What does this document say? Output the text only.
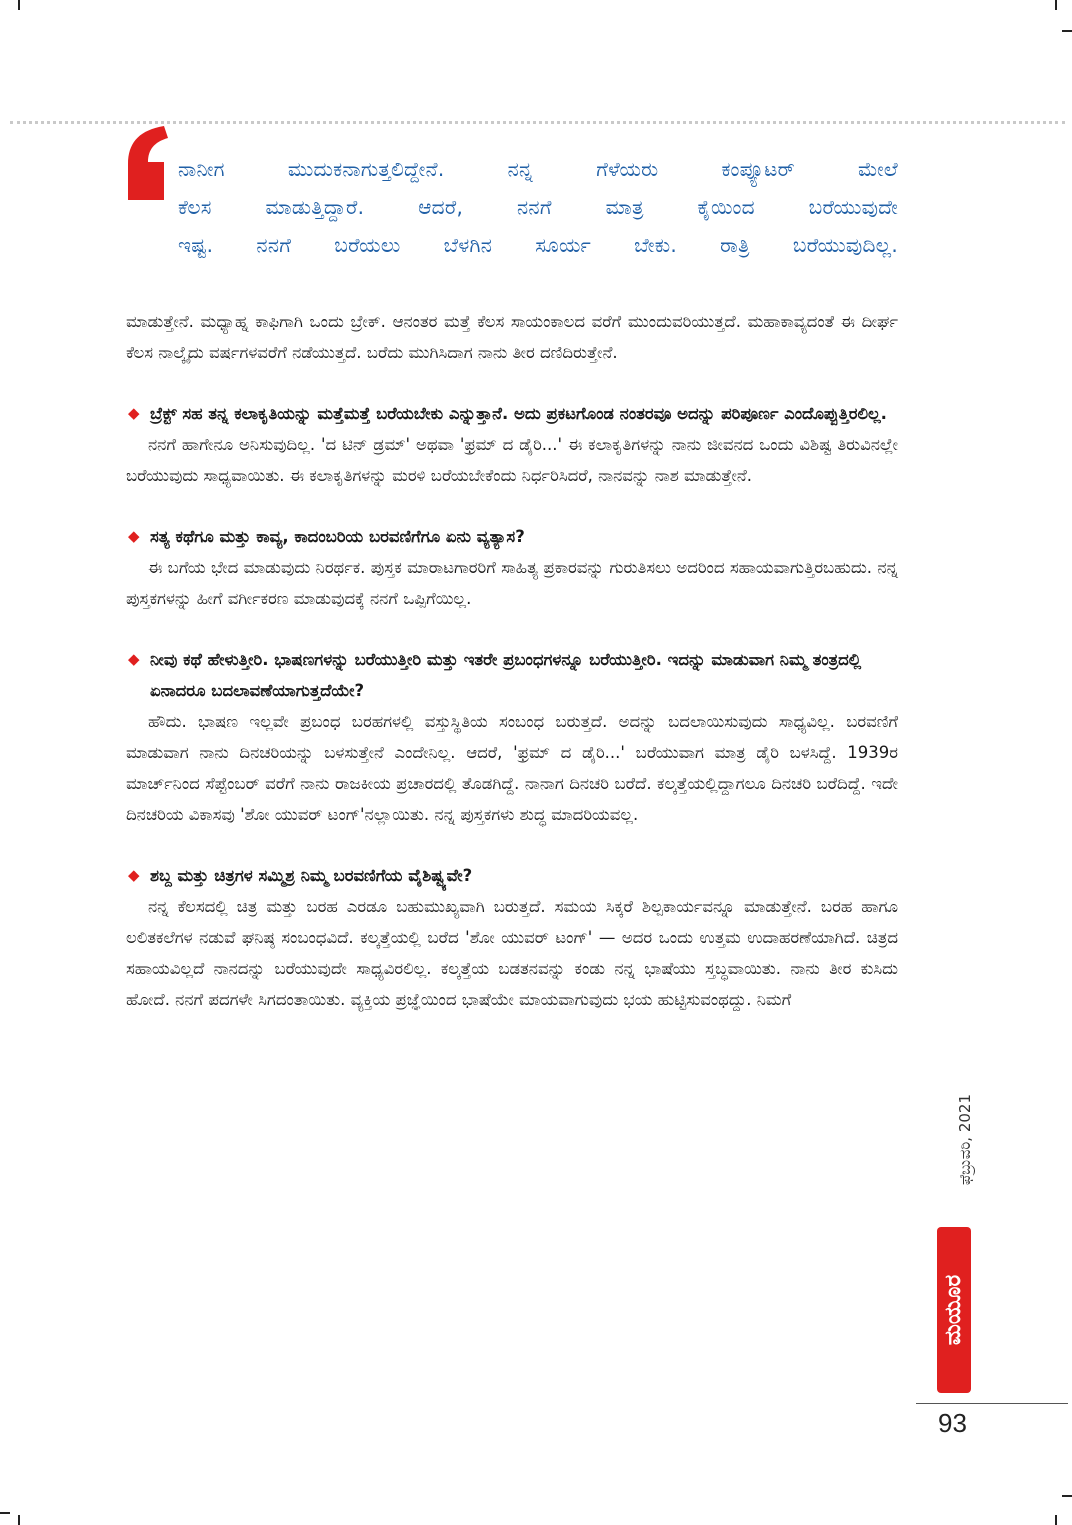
ನಾನೀಗ ಮುದುಕನಾಗುತ್ತಲಿದ್ದೇನೆ. ನನ್ನ ಗೆಳೆಯರು ಕಂಪ್ಯೂಟರ್ ಮೇಲೆ

ಕೆಲಸ ಮಾಡುತ್ತಿದ್ದಾರೆ. ಆದರೆ, ನನಗೆ ಮಾತ್ರ ಕೈಯಿಂದ ಬರೆಯುವುದೇ

ಇಷ್ಟ. ನನಗೆ ಬರೆಯಲು ಬೆಳಗಿನ ಸೂರ್ಯ ಬೇಕು. ರಾತ್ರಿ ಬರೆಯುವುದಿಲ್ಲ.

ಮಾಡುತ್ತೇನೆ. ಮಧ್ಯಾಹ್ನ ಕಾಫಿಗಾಗಿ ಒಂದು ಬ್ರೇಕ್. ಆನಂತರ ಮತ್ತೆ ಕೆಲಸ ಸಾಯಂಕಾಲದ ವರೆಗೆ ಮುಂದುವರಿಯುತ್ತದೆ. ಮಹಾಕಾವ್ಯದಂತೆ ಈ ದೀರ್ಘ ಕೆಲಸ ನಾಲ್ಕೈದು ವರ್ಷಗಳವರೆಗೆ ನಡೆಯುತ್ತದೆ. ಬರೆದು ಮುಗಿಸಿದಾಗ ನಾನು ತೀರ ದಣಿದಿರುತ್ತೇನೆ.

◆ ಬ್ರೆಕ್ಟ್ ಸಹ ತನ್ನ ಕಲಾಕೃತಿಯನ್ನು ಮತ್ತೆಮತ್ತೆ ಬರೆಯಬೇಕು ಎನ್ನುತ್ತಾನೆ. ಅದು ಪ್ರಕಟಗೊಂಡ ನಂತರವೂ ಅದನ್ನು ಪರಿಪೂರ್ಣ ಎಂದೊಪ್ಪುತ್ತಿರಲಿಲ್ಲ.

ನನಗೆ ಹಾಗೇನೂ ಅನಿಸುವುದಿಲ್ಲ. 'ದ ಟಿನ್ ಡ್ರಮ್' ಅಥವಾ 'ಫ್ರಮ್ ದ ಡೈರಿ...' ಈ ಕಲಾಕೃತಿಗಳನ್ನು ನಾನು ಜೀವನದ ಒಂದು ವಿಶಿಷ್ಟ ತಿರುವಿನಲ್ಲೇ ಬರೆಯುವುದು ಸಾಧ್ಯವಾಯಿತು. ಈ ಕಲಾಕೃತಿಗಳನ್ನು ಮರಳಿ ಬರೆಯಬೇಕೆಂದು ನಿರ್ಧರಿಸಿದರೆ, ನಾನವನ್ನು ನಾಶ ಮಾಡುತ್ತೇನೆ.

◆ ಸತ್ಯ ಕಥೆಗೂ ಮತ್ತು ಕಾವ್ಯ, ಕಾದಂಬರಿಯ ಬರವಣಿಗೆಗೂ ಏನು ವ್ಯತ್ಯಾಸ?

ಈ ಬಗೆಯ ಭೇದ ಮಾಡುವುದು ನಿರರ್ಥಕ. ಪುಸ್ತಕ ಮಾರಾಟಗಾರರಿಗೆ ಸಾಹಿತ್ಯ ಪ್ರಕಾರವನ್ನು ಗುರುತಿಸಲು ಅದರಿಂದ ಸಹಾಯವಾಗುತ್ತಿರಬಹುದು. ನನ್ನ ಪುಸ್ತಕಗಳನ್ನು ಹೀಗೆ ವರ್ಗೀಕರಣ ಮಾಡುವುದಕ್ಕೆ ನನಗೆ ಒಪ್ಪಿಗೆಯಿಲ್ಲ.

◆ ನೀವು ಕಥೆ ಹೇಳುತ್ತೀರಿ. ಭಾಷಣಗಳನ್ನು ಬರೆಯುತ್ತೀರಿ ಮತ್ತು ಇತರೇ ಪ್ರಬಂಧಗಳನ್ನೂ ಬರೆಯುತ್ತೀರಿ. ಇದನ್ನು ಮಾಡುವಾಗ ನಿಮ್ಮ ತಂತ್ರದಲ್ಲಿ ಏನಾದರೂ ಬದಲಾವಣೆಯಾಗುತ್ತದೆಯೇ?

ಹೌದು. ಭಾಷಣ ಇಲ್ಲವೇ ಪ್ರಬಂಧ ಬರಹಗಳಲ್ಲಿ ವಸ್ತುಸ್ಥಿತಿಯ ಸಂಬಂಧ ಬರುತ್ತದೆ. ಅದನ್ನು ಬದಲಾಯಿಸುವುದು ಸಾಧ್ಯವಿಲ್ಲ. ಬರವಣಿಗೆ ಮಾಡುವಾಗ ನಾನು ದಿನಚರಿಯನ್ನು ಬಳಸುತ್ತೇನೆ ಎಂದೇನಿಲ್ಲ. ಆದರೆ, 'ಫ್ರಮ್ ದ ಡೈರಿ...' ಬರೆಯುವಾಗ ಮಾತ್ರ ಡೈರಿ ಬಳಸಿದ್ದೆ. 1939ರ ಮಾರ್ಚ್‌ನಿಂದ ಸೆಪ್ಟೆಂಬರ್ ವರೆಗೆ ನಾನು ರಾಜಕೀಯ ಪ್ರಚಾರದಲ್ಲಿ ತೊಡಗಿದ್ದೆ. ನಾನಾಗ ದಿನಚರಿ ಬರೆದೆ. ಕಲ್ಕತ್ತೆಯಲ್ಲಿದ್ದಾಗಲೂ ದಿನಚರಿ ಬರೆದಿದ್ದೆ. ಇದೇ ದಿನಚರಿಯ ವಿಕಾಸವು 'ಶೋ ಯುವರ್ ಟಂಗ್'ನಲ್ಲಾಯಿತು. ನನ್ನ ಪುಸ್ತಕಗಳು ಶುದ್ಧ ಮಾದರಿಯವಲ್ಲ.

◆ ಶಬ್ದ ಮತ್ತು ಚಿತ್ರಗಳ ಸಮ್ಮಿಶ್ರ ನಿಮ್ಮ ಬರವಣಿಗೆಯ ವೈಶಿಷ್ಟ್ಯವೇ?

ನನ್ನ ಕೆಲಸದಲ್ಲಿ ಚಿತ್ರ ಮತ್ತು ಬರಹ ಎರಡೂ ಬಹುಮುಖ್ಯವಾಗಿ ಬರುತ್ತದೆ. ಸಮಯ ಸಿಕ್ಕರೆ ಶಿಲ್ಪಕಾರ್ಯವನ್ನೂ ಮಾಡುತ್ತೇನೆ. ಬರಹ ಹಾಗೂ ಲಲಿತಕಲೆಗಳ ನಡುವೆ ಘನಿಷ್ಠ ಸಂಬಂಧವಿದೆ. ಕಲ್ಕತ್ತೆಯಲ್ಲಿ ಬರೆದ 'ಶೋ ಯುವರ್ ಟಂಗ್' — ಅದರ ಒಂದು ಉತ್ತಮ ಉದಾಹರಣೆಯಾಗಿದೆ. ಚಿತ್ರದ ಸಹಾಯವಿಲ್ಲದೆ ನಾನದನ್ನು ಬರೆಯುವುದೇ ಸಾಧ್ಯವಿರಲಿಲ್ಲ. ಕಲ್ಕತ್ತೆಯ ಬಡತನವನ್ನು ಕಂಡು ನನ್ನ ಭಾಷೆಯು ಸ್ತಬ್ಧವಾಯಿತು. ನಾನು ತೀರ ಕುಸಿದು ಹೋದೆ. ನನಗೆ ಪದಗಳೇ ಸಿಗದಂತಾಯಿತು. ವ್ಯಕ್ತಿಯ ಪ್ರಜ್ಞೆಯಿಂದ ಭಾಷೆಯೇ ಮಾಯವಾಗುವುದು ಭಯ ಹುಟ್ಟಿಸುವಂಥದ್ದು. ನಿಮಗೆ

ಫೆಬ್ರುವರಿ, 2021
ಮಯೂರ
93
